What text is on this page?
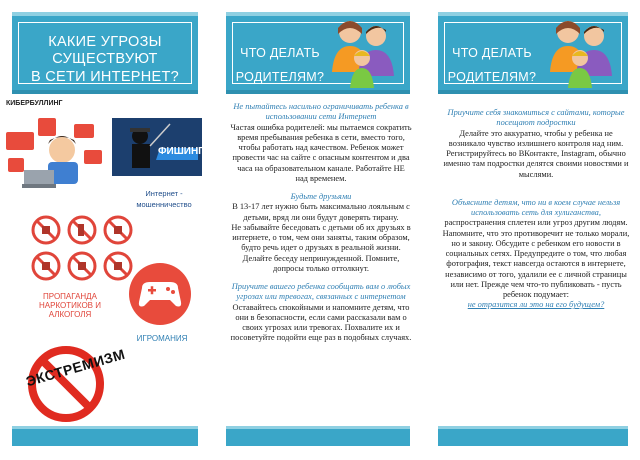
КАКИЕ УГРОЗЫ
СУЩЕСТВУЮТ
В СЕТИ ИНТЕРНЕТ?
КИБЕРБУЛЛИНГ
ФИШИНГ
Интернет - мошенничество
ПРОПАГАНДА
НАРКОТИКОВ И
АЛКОГОЛЯ
ИГРОМАНИЯ
ЭКСТРЕМИЗМ
ЧТО ДЕЛАТЬ
РОДИТЕЛЯМ?

Не пытайтесь насильно ограничивать ребенка в использовании сети Интернет

Частая ошибка родителей: мы пытаемся сократить время пребывания ребенка в сети, вместо того, чтобы работать над качеством. Ребенок может провести час на сайте с опасным контентом и два часа на образовательном канале. Работайте НЕ над временем.

Будьте друзьями

В 13-17 лет нужно быть максимально лояльным с детьми, вряд ли они будут доверять тирану.

Не забывайте беседовать с детьми об их друзьях в интернете, о том, чем они заняты, таким образом, будто речь идет о друзьях в реальной жизни. Делайте беседу непринужденной. Помните, допросы только оттолкнут.

Приучите вашего ребенка сообщать вам о любых угрозах или тревогах, связанных с интернетом

Оставайтесь спокойными и напомните детям, что они в безопасности, если сами рассказали вам о своих угрозах или тревогах. Похвалите их и посоветуйте подойти еще раз в подобных случаях.

ЧТО ДЕЛАТЬ
РОДИТЕЛЯМ?

Приучите себя знакомиться с сайтами, которые посещают подростки

Делайте это аккуратно, чтобы у ребенка не возникало чувство излишнего контроля над ним. Регистрируйтесь во ВКонтакте, Instagram, обычно именно там подростки делятся своими новостями и мыслями.

Объясните детям, что ни в коем случае нельзя использовать сеть для хулиганства,

распространения сплетен или угроз другим людям. Напомните, что это противоречит не только морали, но и закону. Обсудите с ребенком его новости в социальных сетях. Предупредите о том, что любая фотография, текст навсегда остаются в интернете, независимо от того, удалили ее с личной страницы или нет. Прежде чем что-то публиковать - пусть ребенок подумает:

не отразится ли это на его будущем?
